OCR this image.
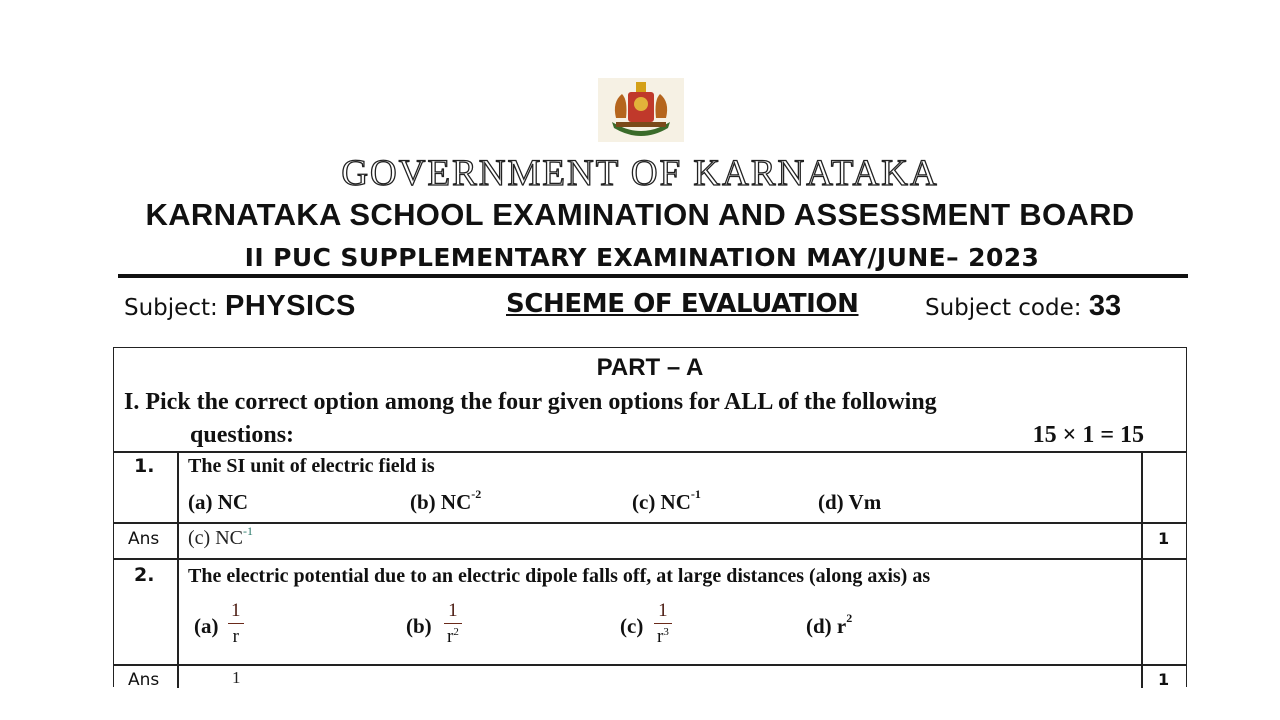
GOVERNMENT OF KARNATAKA
KARNATAKA SCHOOL EXAMINATION AND ASSESSMENT BOARD
II PUC SUPPLEMENTARY EXAMINATION MAY/JUNE– 2023
Subject: PHYSICS	SCHEME OF EVALUATION	Subject code: 33
PART – A
I. Pick the correct option among the four given options for ALL of the following
questions:	15 × 1 = 15
1. The SI unit of electric field is
(a) NC	(b) $NC^{-2}$	(c) $NC^{-1}$	(d) Vm
Ans (c) $NC^{-1}$	1
2. The electric potential due to an electric dipole falls off, at large distances (along axis) as
(a)
1
r	(b)
1
$r^2$	(c)
1
$r^3$	(d) $r^2$
Ans	1	1
